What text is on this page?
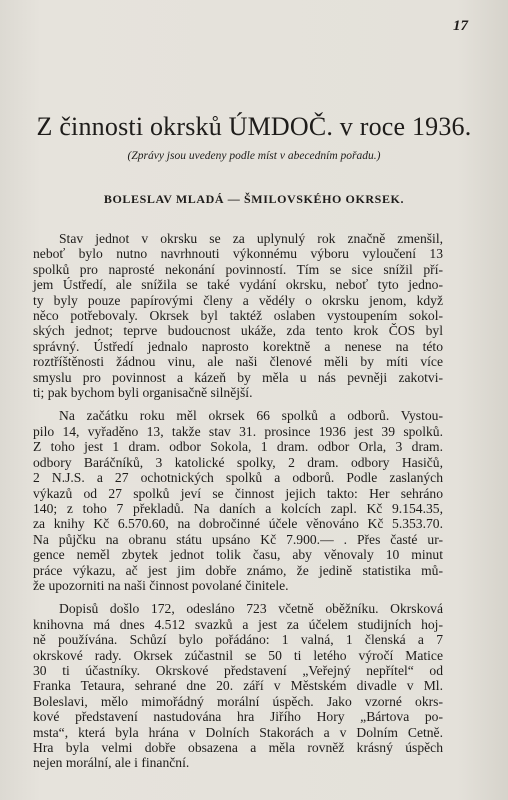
17
Z činnosti okrsků ÚMDOČ. v roce 1936.
(Zprávy jsou uvedeny podle míst v abecedním pořadu.)
BOLESLAV MLADÁ — ŠMILOVSKÉHO OKRSEK.
Stav jednot v okrsku se za uplynulý rok značně zmenšil,
neboť bylo nutno navrhnouti výkonnému výboru vyloučení 13
spolků pro naprosté nekonání povinností. Tím se sice snížil pří-
jem Ústředí, ale snížila se také vydání okrsku, neboť tyto jedno-
ty byly pouze papírovými členy a vědély o okrsku jenom, když
něco potřebovaly. Okrsek byl taktéž oslaben vystoupením sokol-
ských jednot; teprve budoucnost ukáže, zda tento krok ČOS byl
správný. Ústředí jednalo naprosto korektně a nenese na této
roztříštěnosti žádnou vinu, ale naši členové měli by míti více
smyslu pro povinnost a kázeň by měla u nás pevněji zakotvi-
ti; pak bychom byli organisačně silnější.
Na začátku roku měl okrsek 66 spolků a odborů. Vystou-
pilo 14, vyřaděno 13, takže stav 31. prosince 1936 jest 39 spolků.
Z toho jest 1 dram. odbor Sokola, 1 dram. odbor Orla, 3 dram.
odbory Baráčníků, 3 katolické spolky, 2 dram. odbory Hasičů,
2 N.J.S. a 27 ochotnických spolků a odborů. Podle zaslaných
výkazů od 27 spolků jeví se činnost jejich takto: Her sehráno
140; z toho 7 překladů. Na daních a kolcích zapl. Kč 9.154.35,
za knihy Kč 6.570.60, na dobročinné účele věnováno Kč 5.353.70.
Na půjčku na obranu státu upsáno Kč 7.900.— . Přes časté ur-
gence neměl zbytek jednot tolik času, aby věnovaly 10 minut
práce výkazu, ač jest jim dobře známo, že jedině statistika mů-
že upozorniti na naši činnost povolané činitele.
Dopisů došlo 172, odesláno 723 včetně oběžníku. Okrsková
knihovna má dnes 4.512 svazků a jest za účelem studijních hoj-
ně používána. Schůzí bylo pořádáno: 1 valná, 1 členská a 7
okrskové rady. Okrsek zúčastnil se 50 ti letého výročí Matice
30 ti účastníky. Okrskové představení „Veřejný nepřítel“ od
Franka Tetaura, sehrané dne 20. září v Městském divadle v Ml.
Boleslavi, mělo mimořádný morální úspěch. Jako vzorné okrs-
kové představení nastudována hra Jiřího Hory „Bártova po-
msta“, která byla hrána v Dolních Stakorách a v Dolním Cetně.
Hra byla velmi dobře obsazena a měla rovněž krásný úspěch
nejen morální, ale i finanční.
